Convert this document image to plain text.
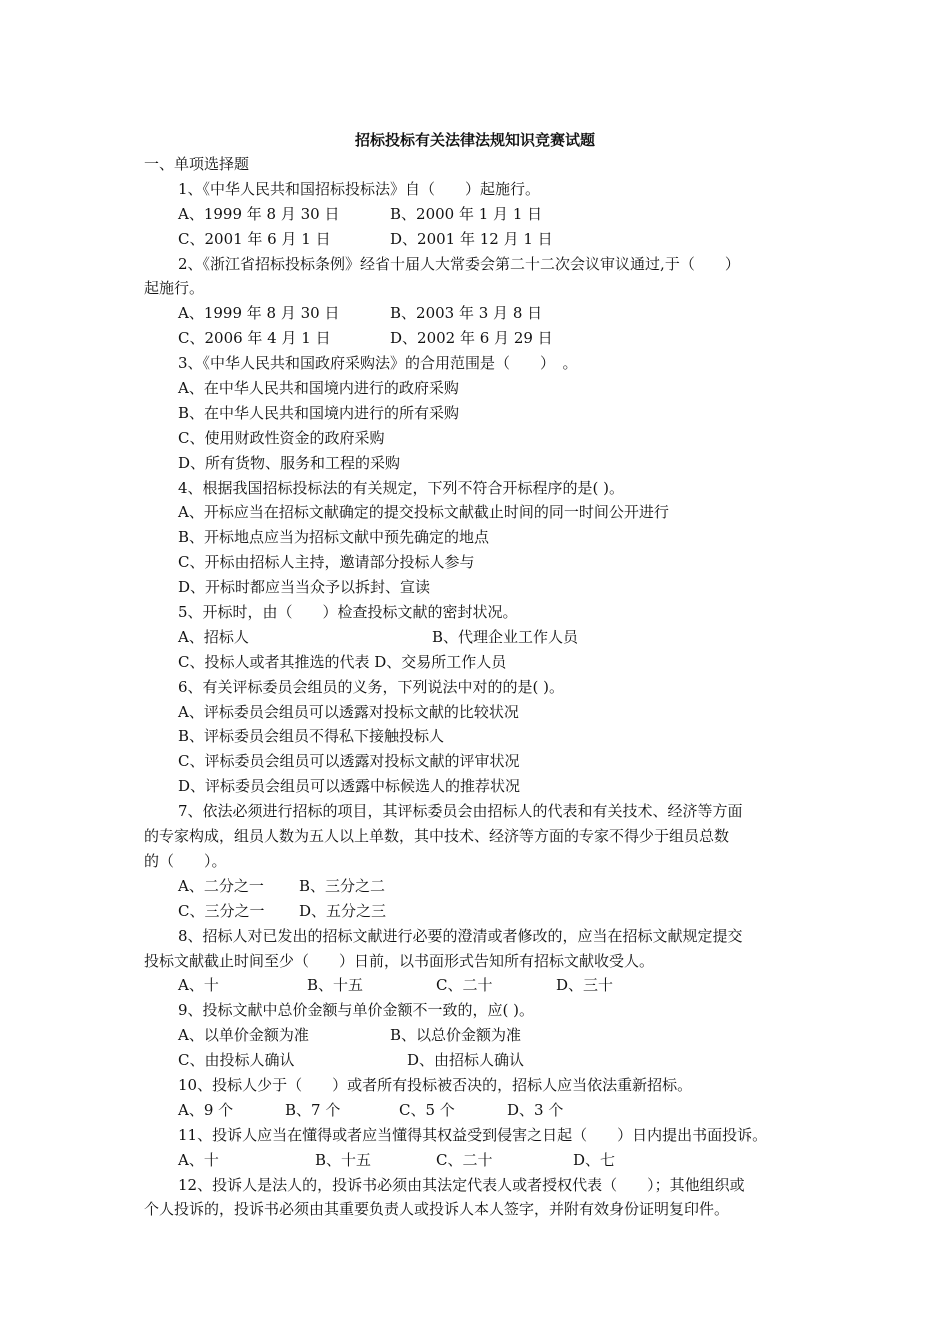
招标投标有关法律法规知识竞赛试题
一、单项选择题
1、《中华人民共和国招标投标法》自（　　）起施行。
A、1999 年 8 月 30 日	B、2000 年 1 月 1 日
C、2001 年 6 月 1 日	D、2001 年 12 月 1 日
2、《浙江省招标投标条例》经省十届人大常委会第二十二次会议审议通过,于（　　）
起施行。
A、1999 年 8 月 30 日	B、2003 年 3 月 8 日
C、2006 年 4 月 1 日	D、2002 年 6 月 29 日
3、《中华人民共和国政府采购法》的合用范围是（　　）　。
A、在中华人民共和国境内进行的政府采购
B、在中华人民共和国境内进行的所有采购
C、使用财政性资金的政府采购
D、所有货物、服务和工程的采购
4、根据我国招标投标法的有关规定，下列不符合开标程序的是( )。
A、开标应当在招标文献确定的提交投标文献截止时间的同一时间公开进行
B、开标地点应当为招标文献中预先确定的地点
C、开标由招标人主持，邀请部分投标人参与
D、开标时都应当当众予以拆封、宣读
5、开标时，由（　　）检查投标文献的密封状况。
A、招标人	B、代理企业工作人员
C、投标人或者其推选的代表 D、交易所工作人员
6、有关评标委员会组员的义务，下列说法中对的的是( )。
A、评标委员会组员可以透露对投标文献的比较状况
B、评标委员会组员不得私下接触投标人
C、评标委员会组员可以透露对投标文献的评审状况
D、评标委员会组员可以透露中标候选人的推荐状况
7、依法必须进行招标的项目，其评标委员会由招标人的代表和有关技术、经济等方面
的专家构成，组员人数为五人以上单数，其中技术、经济等方面的专家不得少于组员总数
的（　　）。
A、二分之一 B、三分之二
C、三分之一 D、五分之三
8、招标人对已发出的招标文献进行必要的澄清或者修改的，应当在招标文献规定提交
投标文献截止时间至少（　　）日前，以书面形式告知所有招标文献收受人。
A、十	B、十五	C、二十	D、三十
9、投标文献中总价金额与单价金额不一致的，应( )。
A、以单价金额为准	B、以总价金额为准
C、由投标人确认	D、由招标人确认
10、投标人少于（　　）或者所有投标被否决的，招标人应当依法重新招标。
A、9 个	B、7 个	C、5 个	D、3 个
11、投诉人应当在懂得或者应当懂得其权益受到侵害之日起（　　）日内提出书面投诉。
A、十	B、十五	C、二十	D、七
12、投诉人是法人的，投诉书必须由其法定代表人或者授权代表（　　）；其他组织或
个人投诉的，投诉书必须由其重要负责人或投诉人本人签字，并附有效身份证明复印件。
